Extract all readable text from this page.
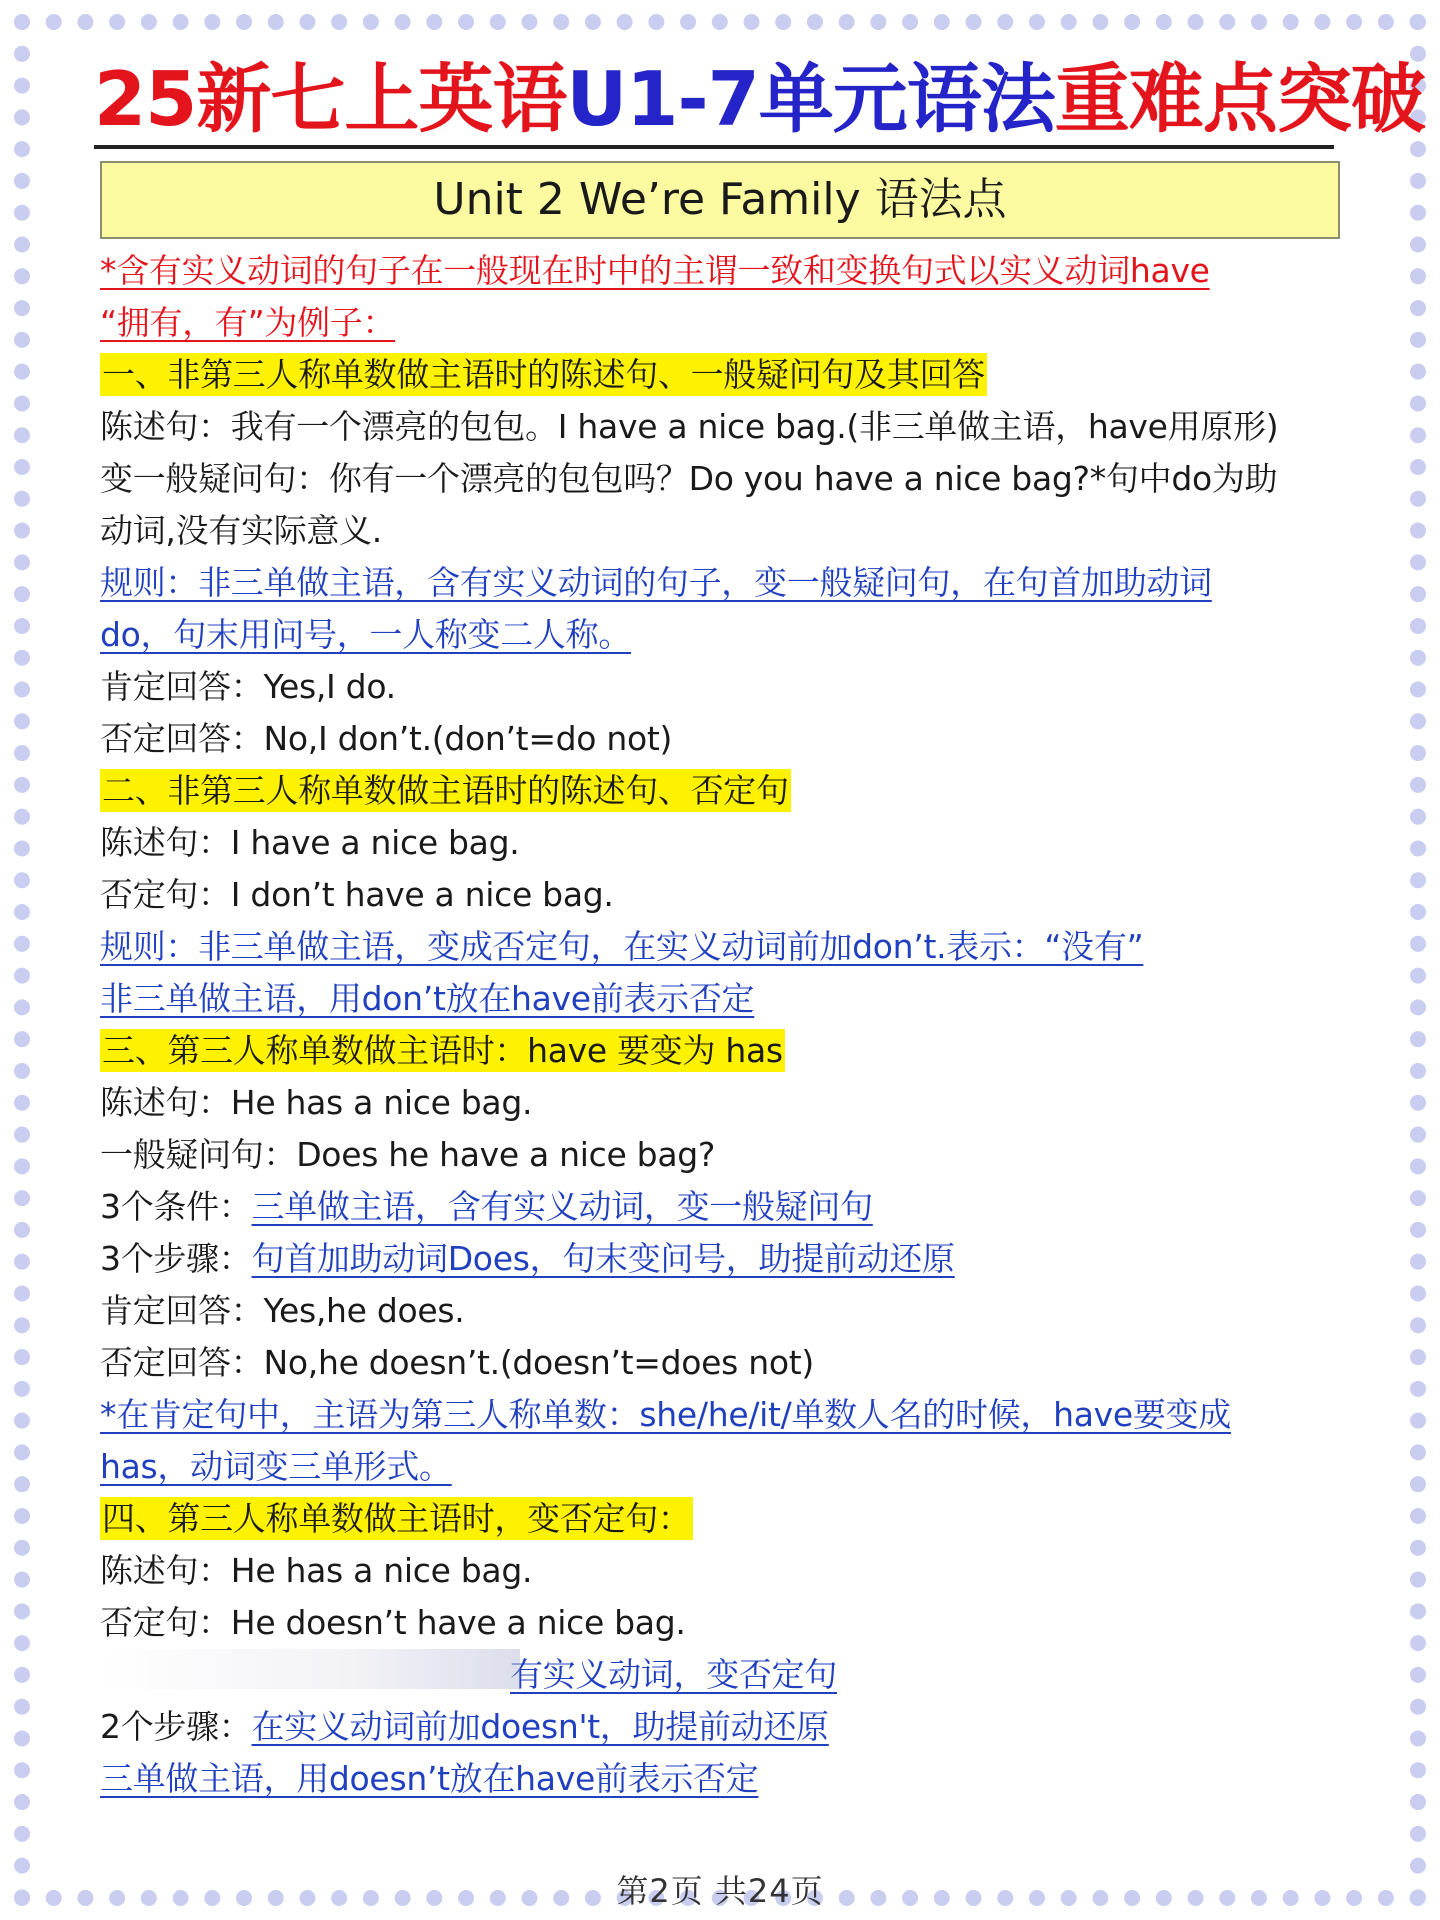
25新七上英语U1-7单元语法重难点突破
Unit 2 We’re Family 语法点
*含有实义动词的句子在一般现在时中的主谓一致和变换句式以实义动词have
“拥有，有”为例子：
一、非第三人称单数做主语时的陈述句、一般疑问句及其回答
陈述句：我有一个漂亮的包包。I have a nice bag.(非三单做主语，have用原形)
变一般疑问句：你有一个漂亮的包包吗？Do you have a nice bag?*句中do为助
动词,没有实际意义.
规则：非三单做主语，含有实义动词的句子，变一般疑问句，在句首加助动词
do，句末用问号，一人称变二人称。
肯定回答：Yes,I do.
否定回答：No,I don’t.(don’t=do not)
二、非第三人称单数做主语时的陈述句、否定句
陈述句：I have a nice bag.
否定句：I don’t have a nice bag.
规则：非三单做主语，变成否定句，在实义动词前加don’t.表示：“没有”
非三单做主语，用don’t放在have前表示否定
三、第三人称单数做主语时：have 要变为 has
陈述句：He has a nice bag.
一般疑问句：Does he have a nice bag?
3个条件：三单做主语，含有实义动词，变一般疑问句
3个步骤：句首加助动词Does，句末变问号，助提前动还原
肯定回答：Yes,he does.
否定回答：No,he doesn’t.(doesn’t=does not)
*在肯定句中，主语为第三人称单数：she/he/it/单数人名的时候，have要变成
has，动词变三单形式。
四、第三人称单数做主语时，变否定句：
陈述句：He has a nice bag.
否定句：He doesn’t have a nice bag.
有实义动词，变否定句
2个步骤：在实义动词前加doesn't，助提前动还原
三单做主语，用doesn’t放在have前表示否定
第2页 共24页
